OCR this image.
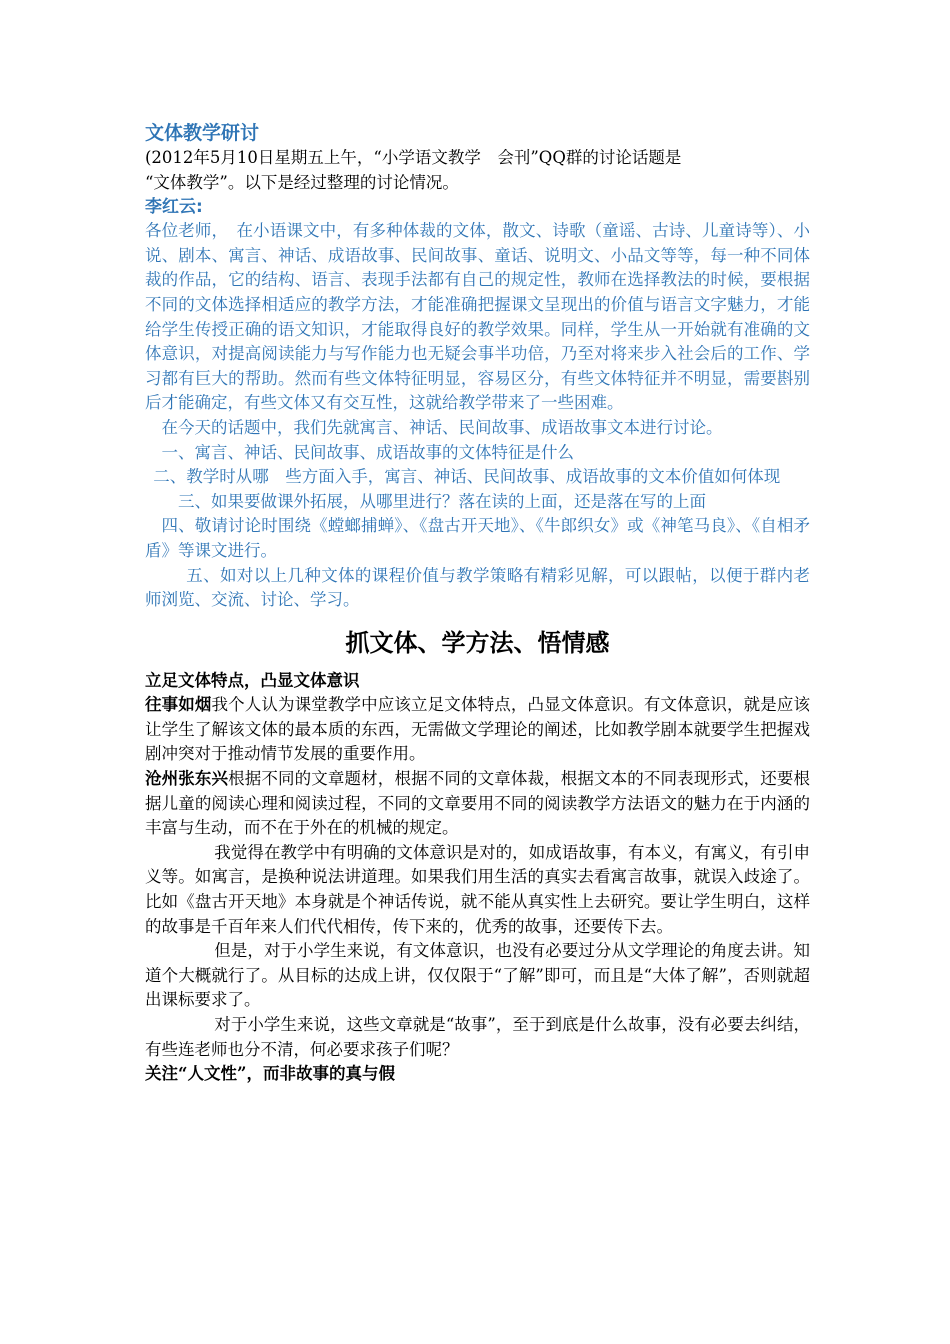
文体教学研讨

(2012年5月10日星期五上午，“小学语文教学　会刊”QQ群的讨论话题是

“文体教学”。以下是经过整理的讨论情况。

李红云:

各位老师，　在小语课文中，有多种体裁的文体，散文、诗歌（童谣、古诗、儿童诗等）、小说、剧本、寓言、神话、成语故事、民间故事、童话、说明文、小品文等等，每一种不同体裁的作品，它的结构、语言、表现手法都有自己的规定性，教师在选择教法的时候，要根据不同的文体选择相适应的教学方法，才能准确把握课文呈现出的价值与语言文字魅力，才能给学生传授正确的语文知识，才能取得良好的教学效果。同样，学生从一开始就有准确的文体意识，对提高阅读能力与写作能力也无疑会事半功倍，乃至对将来步入社会后的工作、学习都有巨大的帮助。然而有些文体特征明显，容易区分，有些文体特征并不明显，需要斟别后才能确定，有些文体又有交互性，这就给教学带来了一些困难。

在今天的话题中，我们先就寓言、神话、民间故事、成语故事文本进行讨论。

一、寓言、神话、民间故事、成语故事的文体特征是什么

二、教学时从哪　些方面入手，寓言、神话、民间故事、成语故事的文本价值如何体现

三、如果要做课外拓展，从哪里进行？落在读的上面，还是落在写的上面

四、敬请讨论时围绕《螳螂捕蝉》、《盘古开天地》、《牛郎织女》或《神笔马良》、《自相矛盾》等课文进行。

五、如对以上几种文体的课程价值与教学策略有精彩见解，可以跟帖，以便于群内老师浏览、交流、讨论、学习。

抓文体、学方法、悟情感
立足文体特点，凸显文体意识

往事如烟我个人认为课堂教学中应该立足文体特点，凸显文体意识。有文体意识，就是应该让学生了解该文体的最本质的东西，无需做文学理论的阐述，比如教学剧本就要学生把握戏剧冲突对于推动情节发展的重要作用。

沧州张东兴根据不同的文章题材，根据不同的文章体裁，根据文本的不同表现形式，还要根据儿童的阅读心理和阅读过程，不同的文章要用不同的阅读教学方法语文的魅力在于内涵的丰富与生动，而不在于外在的机械的规定。

我觉得在教学中有明确的文体意识是对的，如成语故事，有本义，有寓义，有引申义等。如寓言，是换种说法讲道理。如果我们用生活的真实去看寓言故事，就误入歧途了。比如《盘古开天地》本身就是个神话传说，就不能从真实性上去研究。要让学生明白，这样的故事是千百年来人们代代相传，传下来的，优秀的故事，还要传下去。

但是，对于小学生来说，有文体意识，也没有必要过分从文学理论的角度去讲。知道个大概就行了。从目标的达成上讲，仅仅限于“了解”即可，而且是“大体了解”，否则就超出课标要求了。

对于小学生来说，这些文章就是“故事”，至于到底是什么故事，没有必要去纠结，有些连老师也分不清，何必要求孩子们呢？

关注“人文性”，而非故事的真与假
